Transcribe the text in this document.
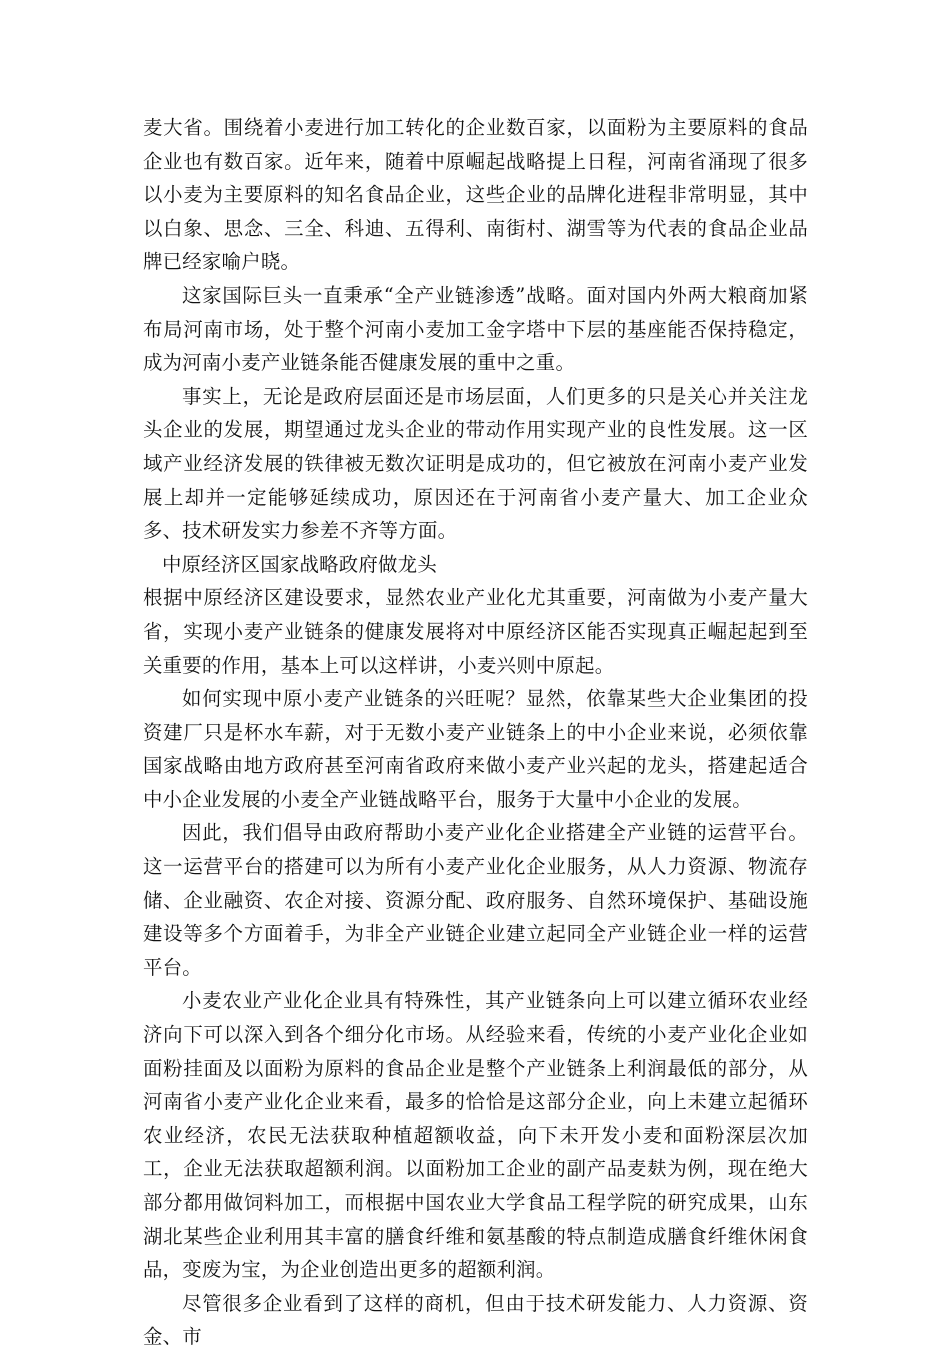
麦大省。围绕着小麦进行加工转化的企业数百家，以面粉为主要原料的食品企业也有数百家。近年来，随着中原崛起战略提上日程，河南省涌现了很多以小麦为主要原料的知名食品企业，这些企业的品牌化进程非常明显，其中以白象、思念、三全、科迪、五得利、南街村、湖雪等为代表的食品企业品牌已经家喻户晓。

这家国际巨头一直秉承“全产业链渗透”战略。面对国内外两大粮商加紧布局河南市场，处于整个河南小麦加工金字塔中下层的基座能否保持稳定，成为河南小麦产业链条能否健康发展的重中之重。

事实上，无论是政府层面还是市场层面，人们更多的只是关心并关注龙头企业的发展，期望通过龙头企业的带动作用实现产业的良性发展。这一区域产业经济发展的铁律被无数次证明是成功的，但它被放在河南小麦产业发展上却并一定能够延续成功，原因还在于河南省小麦产量大、加工企业众多、技术研发实力参差不齐等方面。

中原经济区国家战略政府做龙头

根据中原经济区建设要求，显然农业产业化尤其重要，河南做为小麦产量大省，实现小麦产业链条的健康发展将对中原经济区能否实现真正崛起起到至关重要的作用，基本上可以这样讲，小麦兴则中原起。

如何实现中原小麦产业链条的兴旺呢？显然，依靠某些大企业集团的投资建厂只是杯水车薪，对于无数小麦产业链条上的中小企业来说，必须依靠国家战略由地方政府甚至河南省政府来做小麦产业兴起的龙头，搭建起适合中小企业发展的小麦全产业链战略平台，服务于大量中小企业的发展。

因此，我们倡导由政府帮助小麦产业化企业搭建全产业链的运营平台。这一运营平台的搭建可以为所有小麦产业化企业服务，从人力资源、物流存储、企业融资、农企对接、资源分配、政府服务、自然环境保护、基础设施建设等多个方面着手，为非全产业链企业建立起同全产业链企业一样的运营平台。

小麦农业产业化企业具有特殊性，其产业链条向上可以建立循环农业经济向下可以深入到各个细分化市场。从经验来看，传统的小麦产业化企业如面粉挂面及以面粉为原料的食品企业是整个产业链条上利润最低的部分，从河南省小麦产业化企业来看，最多的恰恰是这部分企业，向上未建立起循环农业经济，农民无法获取种植超额收益，向下未开发小麦和面粉深层次加工，企业无法获取超额利润。以面粉加工企业的副产品麦麸为例，现在绝大部分都用做饲料加工，而根据中国农业大学食品工程学院的研究成果，山东湖北某些企业利用其丰富的膳食纤维和氨基酸的特点制造成膳食纤维休闲食品，变废为宝，为企业创造出更多的超额利润。

尽管很多企业看到了这样的商机，但由于技术研发能力、人力资源、资金、市
